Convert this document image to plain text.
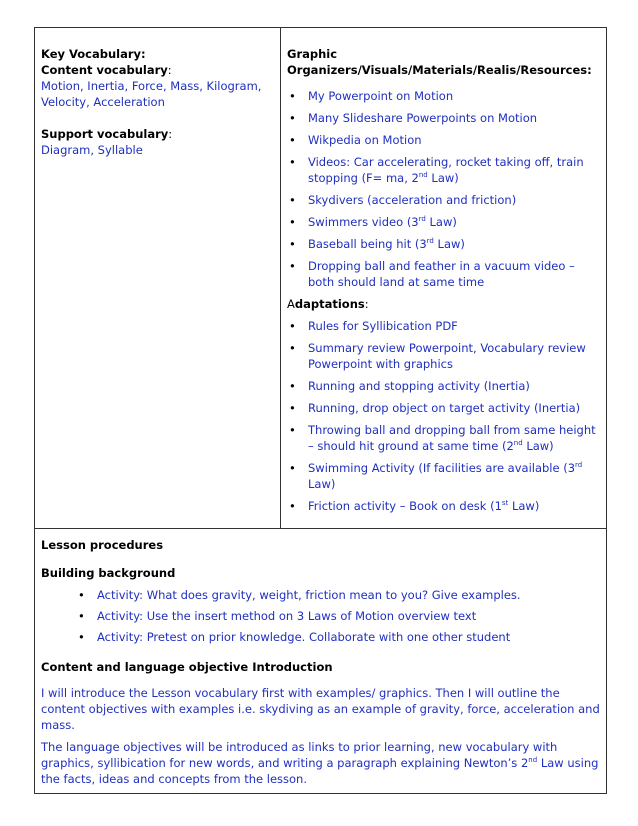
Key Vocabulary:
Content vocabulary:
Motion, Inertia, Force, Mass, Kilogram, Velocity, Acceleration
Support vocabulary:
Diagram, Syllable

Graphic Organizers/Visuals/Materials/Realis/Resources:
• My Powerpoint on Motion
• Many Slideshare Powerpoints on Motion
• Wikpedia on Motion
• Videos: Car accelerating, rocket taking off, train stopping (F= ma, 2nd Law)
• Skydivers (acceleration and friction)
• Swimmers video (3rd Law)
• Baseball being hit (3rd Law)
• Dropping ball and feather in a vacuum video – both should land at same time
Adaptations:
• Rules for Syllibication PDF
• Summary review Powerpoint, Vocabulary review Powerpoint with graphics
• Running and stopping activity (Inertia)
• Running, drop object on target activity (Inertia)
• Throwing ball and dropping ball from same height – should hit ground at same time (2nd Law)
• Swimming Activity (If facilities are available (3rd Law)
• Friction activity – Book on desk (1st Law)

Lesson procedures
Building background
• Activity: What does gravity, weight, friction mean to you? Give examples.
• Activity: Use the insert method on 3 Laws of Motion overview text
• Activity: Pretest on prior knowledge. Collaborate with one other student
Content and language objective Introduction
I will introduce the Lesson vocabulary first with examples/ graphics. Then I will outline the content objectives with examples i.e. skydiving as an example of gravity, force, acceleration and mass.
The language objectives will be introduced as links to prior learning, new vocabulary with graphics, syllibication for new words, and writing a paragraph explaining Newton’s 2nd Law using the facts, ideas and concepts from the lesson.
